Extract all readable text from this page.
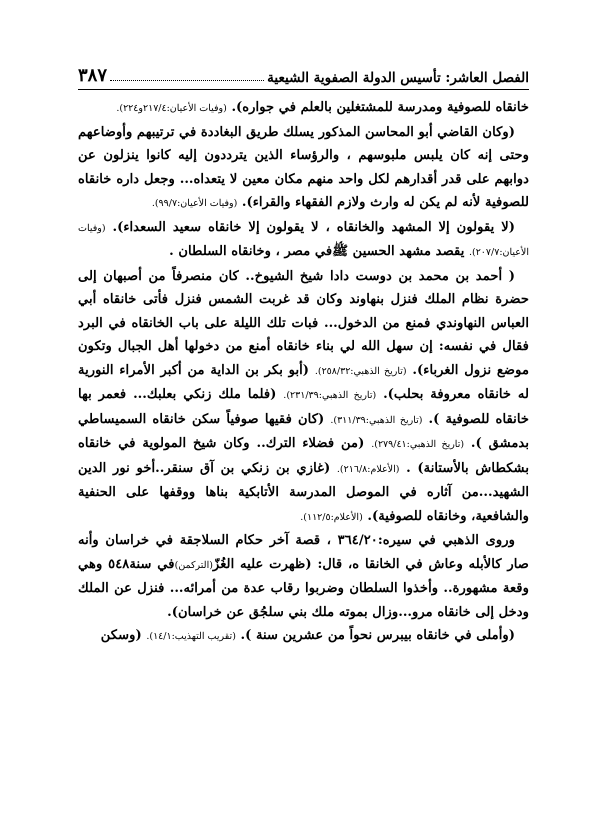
الفصل العاشر: تأسيس الدولة الصفوية الشيعية
٣٨٧

خانقاه للصوفية ومدرسة للمشتغلين بالعلم في جواره). (وفيات الأعيان:٢١٧/٤و٢٢٤).

(وكان القاضي أبو المحاسن المذكور يسلك طريق البغاددة في ترتيبهم وأوضاعهم وحتى إنه كان يلبس ملبوسهم ، والرؤساء الذين يترددون إليه كانوا ينزلون عن دوابهم على قدر أقدارهم لكل واحد منهم مكان معين لا يتعداه... وجعل داره خانقاه للصوفية لأنه لم يكن له وارث ولازم الفقهاء والقراء). (وفيات الأعيان:٩٩/٧).

(لا يقولون إلا المشهد والخانقاه ، لا يقولون إلا خانقاه سعيد السعداء). (وفيات الأعيان:٢٠٧/٧). يقصد مشهد الحسين ﷺفي مصر ، وخانقاه السلطان .

( أحمد بن محمد بن دوست دادا شيخ الشيوخ.. كان منصرفاً من أصبهان إلى حضرة نظام الملك فنزل بنهاوند وكان قد غربت الشمس فنزل فأتى خانقاه أبي العباس النهاوندي فمنع من الدخول... فبات تلك الليلة على باب الخانقاه في البرد فقال في نفسه: إن سهل الله لي بناء خانقاه أمنع من دخولها أهل الجبال وتكون موضع نزول الغرباء). (تاريخ الذهبي:٢٥٨/٣٢). (أبو بكر بن الداية من أكبر الأمراء النورية له خانقاه معروفة بحلب). (تاريخ الذهبي:٢٣١/٣٩). (فلما ملك زنكي بعلبك... فعمر بها خانقاه للصوفية ). (تاريخ الذهبي:٣١١/٣٩). (كان فقيها صوفياً سكن خانقاه السميساطي بدمشق ). (تاريخ الذهبي:٢٧٩/٤١). (من فضلاء الترك.. وكان شيخ المولوية في خانقاه بشكطاش بالأستانة) . (الأعلام:٢١٦/٨). (غازي بن زنكي بن آق سنقر..أخو نور الدين الشهيد...من آثاره في الموصل المدرسة الأتابكية بناها ووقفها على الحنفية والشافعية، وخانقاه للصوفية). (الأعلام:١١٢/٥).

وروى الذهبي في سيره:٣٦٤/٢٠ ، قصة آخر حكام السلاجقة في خراسان وأنه صار كالأبله وعاش في الخانقا ه، قال: (ظهرت عليه الغُزّ(التركمن)في سنة٥٤٨ وهي وقعة مشهورة.. وأخذوا السلطان وضربوا رقاب عدة من أمرائه... فنزل عن الملك ودخل إلى خانقاه مرو...وزال بموته ملك بني سلجُق عن خراسان).

(وأملى في خانقاه بيبرس نحواً من عشرين سنة ). (تقريب التهذيب:١٤/١). (وسكن
